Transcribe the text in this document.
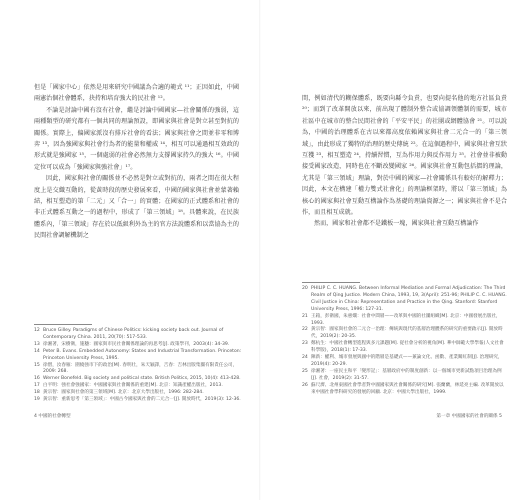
但是「國家中心」依然是用來研究中國議為合適的範式 ¹¹；正因如此，中國兩憲治個社會體系，抉持和培育強大的民社會 ¹²。

不論是討論中國有沒有社會，繼是討論中國國家—社會關係的強弱，這兩種類型的研究都有一個共同的理論預設，即國家與社會是對立甚至對抗的關係。實際上，偏國家派沒有排斥社會的看法；國家與社會之間並非零和博弈 ¹³，因為強國家與社會行為者的能量和權威 ¹⁴，相互可以通過相互效政的形式就是強國家 ¹⁵，一個處弱的社會必然無力支撐國家持久的強大 ¹⁶。中國定位可以成為「強國家與強社會」¹⁷。

因此，國家與社會的關係並不必然是對立或對抗的，兩者之間在很大程度上是交織互動的，從黃時段的歷史發展來看，中國的國家與社會並蒙著賴結，相互塑造的第「二元」又「合一」的實體；在國家的正式體系和社會的非正式體系互動之一的過程中，形成了「第三領域」¹⁸。具體來說，在民族體系內，「第三領域」存在於以低級利外為主的官方法說體系和以當協為主的民間社會調解機制之

12 Bruce Gilley. Paradigms of Chinese Politics: kicking society back out. Journal of Contemporary China. 2011, 20(70): 517-533.
13 徐湘著，宋樹衛，施穗：國家與市民社會關係理論的再思考[J]. 政策學刊，2003(4): 34-39.
14 Peter B. Evans. Embedded Autonomy: States and Industrial Transformation. Princeton: Princeton University Press, 1995.
15 徐僧，汝春雁：圍繞強市下的政治[M]. 春明壮，朱天颖譯，吉春：吉林出版集團有限責任公司，2009: 268.
16 Werner Bonefeld. Big society and political state. British Politics, 2015, 10(4): 413-428.
17 白平明：強社會強國家：中國國家與社會關係的重建[M]. 北京：知識產權出版社，2013.
18 黃宗智：國家與社會的第三領域[M]. 北京：北京大學出版社，1996: 282-284.
19 黃宗智：重新思考「第三領域」：中國古今國家與社會的二元合一[J]. 開放時代，2019(3): 12-36.
4 中國的社會轉型

間，例如清代的糊保體系，既要向縣令負責，也要向提名他的地方社區負責 ²⁰；而到了改革開放以來，前出現了體制外整合或協調領體制的需要，城市社區中在城市的整合民間社會的「平安平民」的社團或網體協會 ²¹。可以說為，中國的治理體系在古以來都高度依賴國家與社會二元合一的「第三領域」，由此形成了獨特的治理的歷史傳統 ²²。在這個過程中，國家與社會互狀互獲 ²³，相互塑造 ²⁴，持續習慣，互為作用力與反作用力 ²⁵。社會並非被動接受國家改造，同時也在不斷改變國家 ²⁶。國家與社會互動包括摺的理論，尤其是「第三領域」理論，對於中國的國家—社會關係具有較好的解釋力；因此，本文在構建「權力雙式社會化」的理論框架時，將以「第三領域」為核心的國家與社會互動互構論作為基礎的理論資源之一；國家與社會不是合作，而且相互成就。

然而，國家和社會都不是鐵板一塊，國家與社會互動互構論作

20 PHILIP C. C. HUANG. Between Informal Mediation and Formal Adjudication: The Third Realm of Qing Justice. Modern China, 1993, 19, 3(April): 251-96; PHILIP C. C. HUANG. Civil Justice in China: Representation and Practice in the Qing. Stanford: Stanford University Press, 1996: 127-31.
21 王箱，彭衛國，朱惠嫻：社會中間層——改革與中國的社團組織[M]. 北京：中國發展出版社，1993.
22 黃宗智：國家與社會的二元合一治理：傳統與現代的基層治理體系的研究的重要啟示[J]. 開放時代，2019(2): 20-35.
23 鄭杭生：中國社會轉型進程與多元課題[M]. 從社會分析的視角[M]. 華中師範大學學報(人文社會科學版)，2018(1): 17-33.
24 陳新：權利、城市發展與國中的階層是基礎式——兼論文化、函數、產業關紅制[J]. 治理研究，2019(4): 20-29.
25 徐湘著：一座民主和平「變形記」：基層政府中的制度創新：以一個城市更新試點項目治理為例[J]. 社會，2019(2): 31-57.
26 蘇尺濟、北州東國社會學者對中國國家與社會關係的研究[M]. 張蘭蘭，林延亮主編. 改革開放以來中國社會學科研究的發展的回顧. 北京：中國大學出版社，1999.
第一章 中國國家的社會的關係 5
